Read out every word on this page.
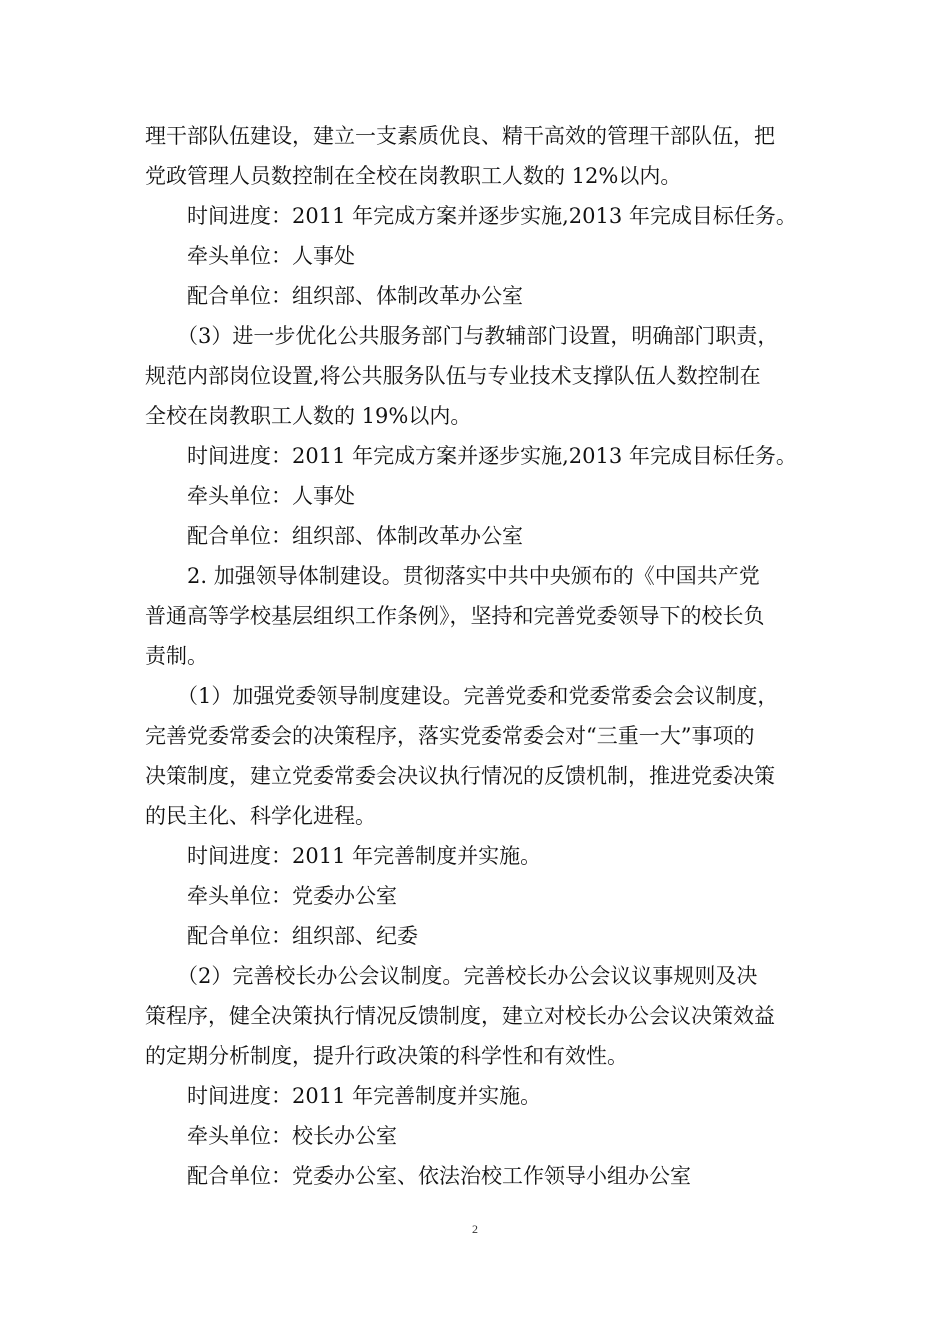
理干部队伍建设，建立一支素质优良、精干高效的管理干部队伍，把
党政管理人员数控制在全校在岗教职工人数的 12%以内。
时间进度：2011 年完成方案并逐步实施,2013 年完成目标任务。
牵头单位：人事处
配合单位：组织部、体制改革办公室
（3）进一步优化公共服务部门与教辅部门设置，明确部门职责，
规范内部岗位设置,将公共服务队伍与专业技术支撑队伍人数控制在
全校在岗教职工人数的 19%以内。
时间进度：2011 年完成方案并逐步实施,2013 年完成目标任务。
牵头单位：人事处
配合单位：组织部、体制改革办公室
2. 加强领导体制建设。贯彻落实中共中央颁布的《中国共产党
普通高等学校基层组织工作条例》，坚持和完善党委领导下的校长负
责制。
（1）加强党委领导制度建设。完善党委和党委常委会会议制度，
完善党委常委会的决策程序，落实党委常委会对“三重一大”事项的
决策制度，建立党委常委会决议执行情况的反馈机制，推进党委决策
的民主化、科学化进程。
时间进度：2011 年完善制度并实施。
牵头单位：党委办公室
配合单位：组织部、纪委
（2）完善校长办公会议制度。完善校长办公会议议事规则及决
策程序，健全决策执行情况反馈制度，建立对校长办公会议决策效益
的定期分析制度，提升行政决策的科学性和有效性。
时间进度：2011 年完善制度并实施。
牵头单位：校长办公室
配合单位：党委办公室、依法治校工作领导小组办公室
2
